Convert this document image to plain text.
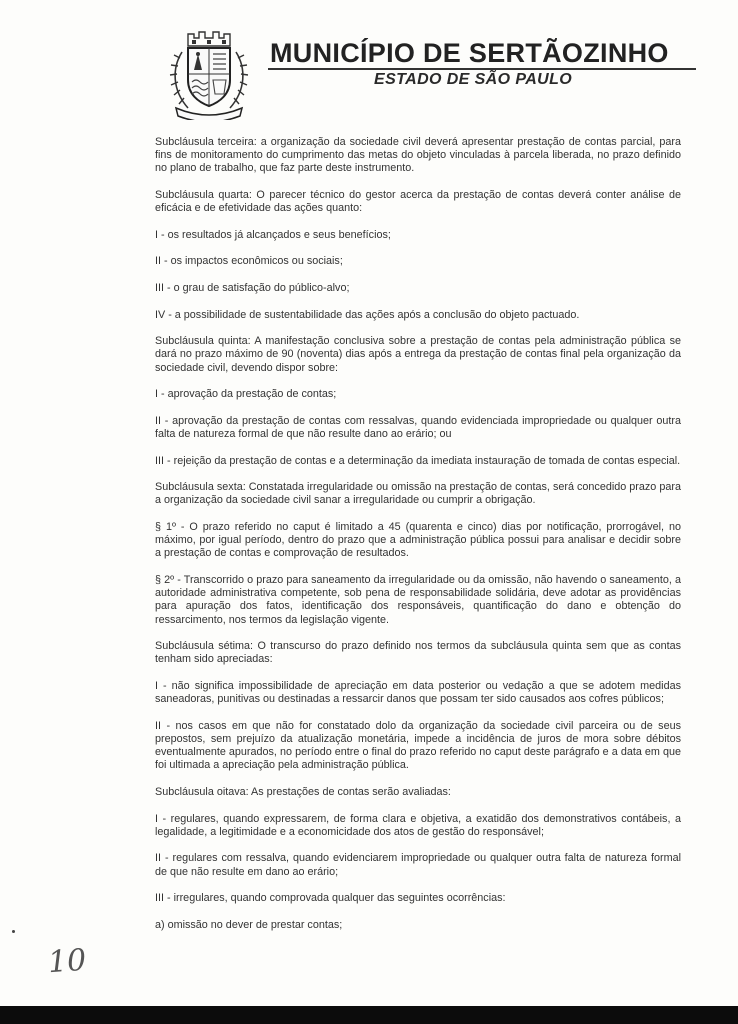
MUNICÍPIO DE SERTÃOZINHO
ESTADO DE SÃO PAULO

Subcláusula terceira: a organização da sociedade civil deverá apresentar prestação de contas parcial, para fins de monitoramento do cumprimento das metas do objeto vinculadas à parcela liberada, no prazo definido no plano de trabalho, que faz parte deste instrumento.

Subcláusula quarta: O parecer técnico do gestor acerca da prestação de contas deverá conter análise de eficácia e de efetividade das ações quanto:

I - os resultados já alcançados e seus benefícios;

II - os impactos econômicos ou sociais;

III - o grau de satisfação do público-alvo;

IV - a possibilidade de sustentabilidade das ações após a conclusão do objeto pactuado.

Subcláusula quinta: A manifestação conclusiva sobre a prestação de contas pela administração pública se dará no prazo máximo de 90 (noventa) dias após a entrega da prestação de contas final pela organização da sociedade civil, devendo dispor sobre:

I - aprovação da prestação de contas;

II - aprovação da prestação de contas com ressalvas, quando evidenciada impropriedade ou qualquer outra falta de natureza formal de que não resulte dano ao erário; ou

III - rejeição da prestação de contas e a determinação da imediata instauração de tomada de contas especial.

Subcláusula sexta: Constatada irregularidade ou omissão na prestação de contas, será concedido prazo para a organização da sociedade civil sanar a irregularidade ou cumprir a obrigação.

§ 1º - O prazo referido no caput é limitado a 45 (quarenta e cinco) dias por notificação, prorrogável, no máximo, por igual período, dentro do prazo que a administração pública possui para analisar e decidir sobre a prestação de contas e comprovação de resultados.

§ 2º - Transcorrido o prazo para saneamento da irregularidade ou da omissão, não havendo o saneamento, a autoridade administrativa competente, sob pena de responsabilidade solidária, deve adotar as providências para apuração dos fatos, identificação dos responsáveis, quantificação do dano e obtenção do ressarcimento, nos termos da legislação vigente.

Subcláusula sétima: O transcurso do prazo definido nos termos da subcláusula quinta sem que as contas tenham sido apreciadas:

I - não significa impossibilidade de apreciação em data posterior ou vedação a que se adotem medidas saneadoras, punitivas ou destinadas a ressarcir danos que possam ter sido causados aos cofres públicos;

II - nos casos em que não for constatado dolo da organização da sociedade civil parceira ou de seus prepostos, sem prejuízo da atualização monetária, impede a incidência de juros de mora sobre débitos eventualmente apurados, no período entre o final do prazo referido no caput deste parágrafo e a data em que foi ultimada a apreciação pela administração pública.

Subcláusula oitava: As prestações de contas serão avaliadas:

I - regulares, quando expressarem, de forma clara e objetiva, a exatidão dos demonstrativos contábeis, a legalidade, a legitimidade e a economicidade dos atos de gestão do responsável;

II - regulares com ressalva, quando evidenciarem impropriedade ou qualquer outra falta de natureza formal de que não resulte em dano ao erário;

III - irregulares, quando comprovada qualquer das seguintes ocorrências:

a) omissão no dever de prestar contas;

10
